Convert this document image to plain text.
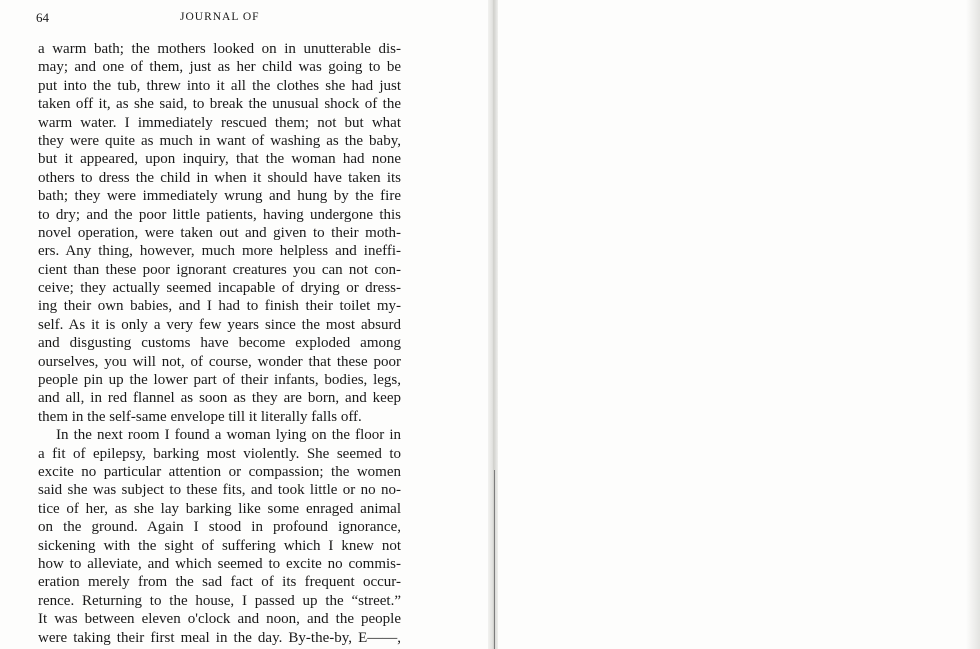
64	JOURNAL OF
a warm bath; the mothers looked on in unutterable dis-
may; and one of them, just as her child was going to be
put into the tub, threw into it all the clothes she had just
taken off it, as she said, to break the unusual shock of the
warm water. I immediately rescued them; not but what
they were quite as much in want of washing as the baby,
but it appeared, upon inquiry, that the woman had none
others to dress the child in when it should have taken its
bath; they were immediately wrung and hung by the fire
to dry; and the poor little patients, having undergone this
novel operation, were taken out and given to their moth-
ers. Any thing, however, much more helpless and ineffi-
cient than these poor ignorant creatures you can not con-
ceive; they actually seemed incapable of drying or dress-
ing their own babies, and I had to finish their toilet my-
self. As it is only a very few years since the most absurd
and disgusting customs have become exploded among
ourselves, you will not, of course, wonder that these poor
people pin up the lower part of their infants, bodies, legs,
and all, in red flannel as soon as they are born, and keep
them in the self-same envelope till it literally falls off.
In the next room I found a woman lying on the floor in
a fit of epilepsy, barking most violently. She seemed to
excite no particular attention or compassion; the women
said she was subject to these fits, and took little or no no-
tice of her, as she lay barking like some enraged animal
on the ground. Again I stood in profound ignorance,
sickening with the sight of suffering which I knew not
how to alleviate, and which seemed to excite no commis-
eration merely from the sad fact of its frequent occur-
rence. Returning to the house, I passed up the “street.”
It was between eleven o'clock and noon, and the people
were taking their first meal in the day. By-the-by, E——,
